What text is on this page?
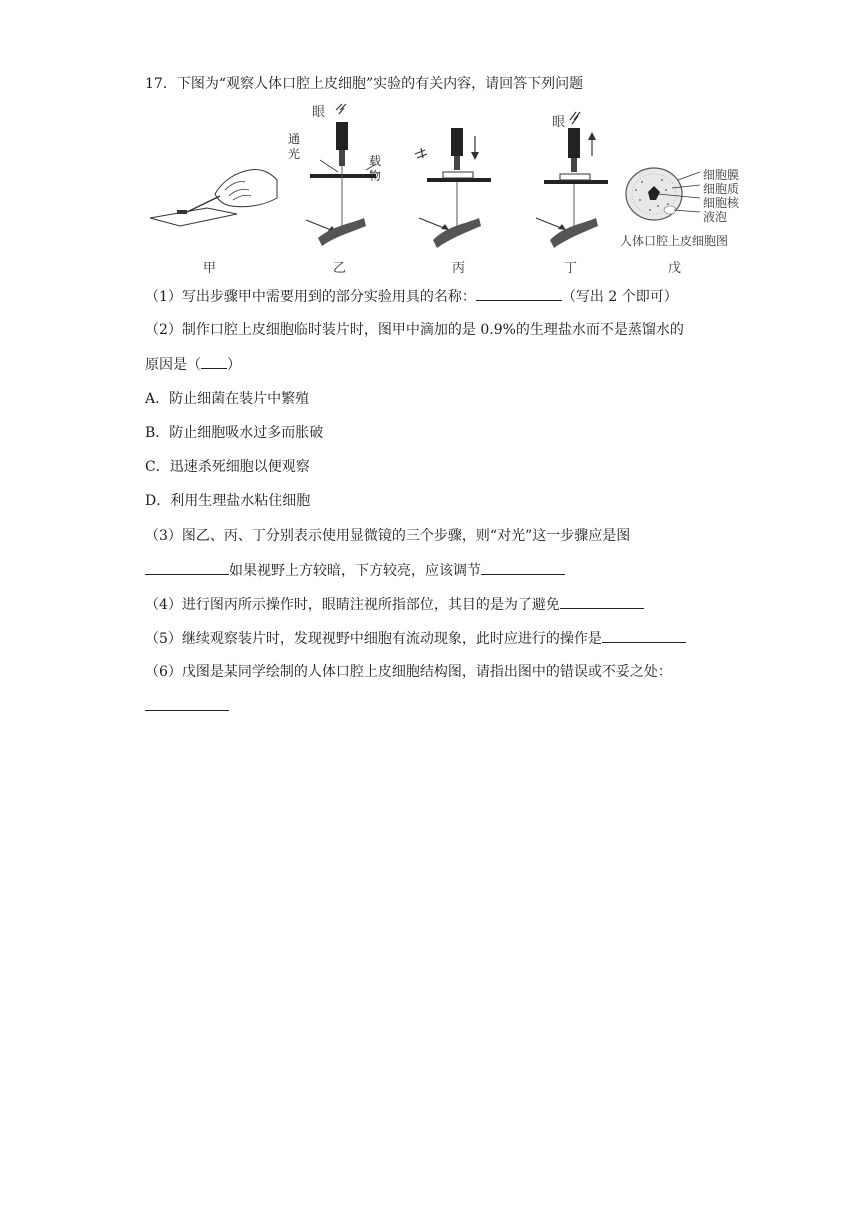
17．下图为“观察人体口腔上皮细胞”实验的有关内容，请回答下列问题
眼
通光	载物
眼
细胞膜
细胞质
细胞核
液泡
人体口腔上皮细胞图
甲	乙	丙	丁	戊
（1）写出步骤甲中需要用到的部分实验用具的名称：	（写出 2 个即可）
（2）制作口腔上皮细胞临时装片时，图甲中滴加的是 0.9%的生理盐水而不是蒸馏水的
原因是（ ）
A．防止细菌在装片中繁殖
B．防止细胞吸水过多而胀破
C．迅速杀死细胞以便观察
D．利用生理盐水粘住细胞
（3）图乙、丙、丁分别表示使用显微镜的三个步骤，则“对光”这一步骤应是图
如果视野上方较暗，下方较亮，应该调节
（4）进行图丙所示操作时，眼睛注视所指部位，其目的是为了避免
（5）继续观察装片时，发现视野中细胞有流动现象，此时应进行的操作是
（6）戊图是某同学绘制的人体口腔上皮细胞结构图，请指出图中的错误或不妥之处：
